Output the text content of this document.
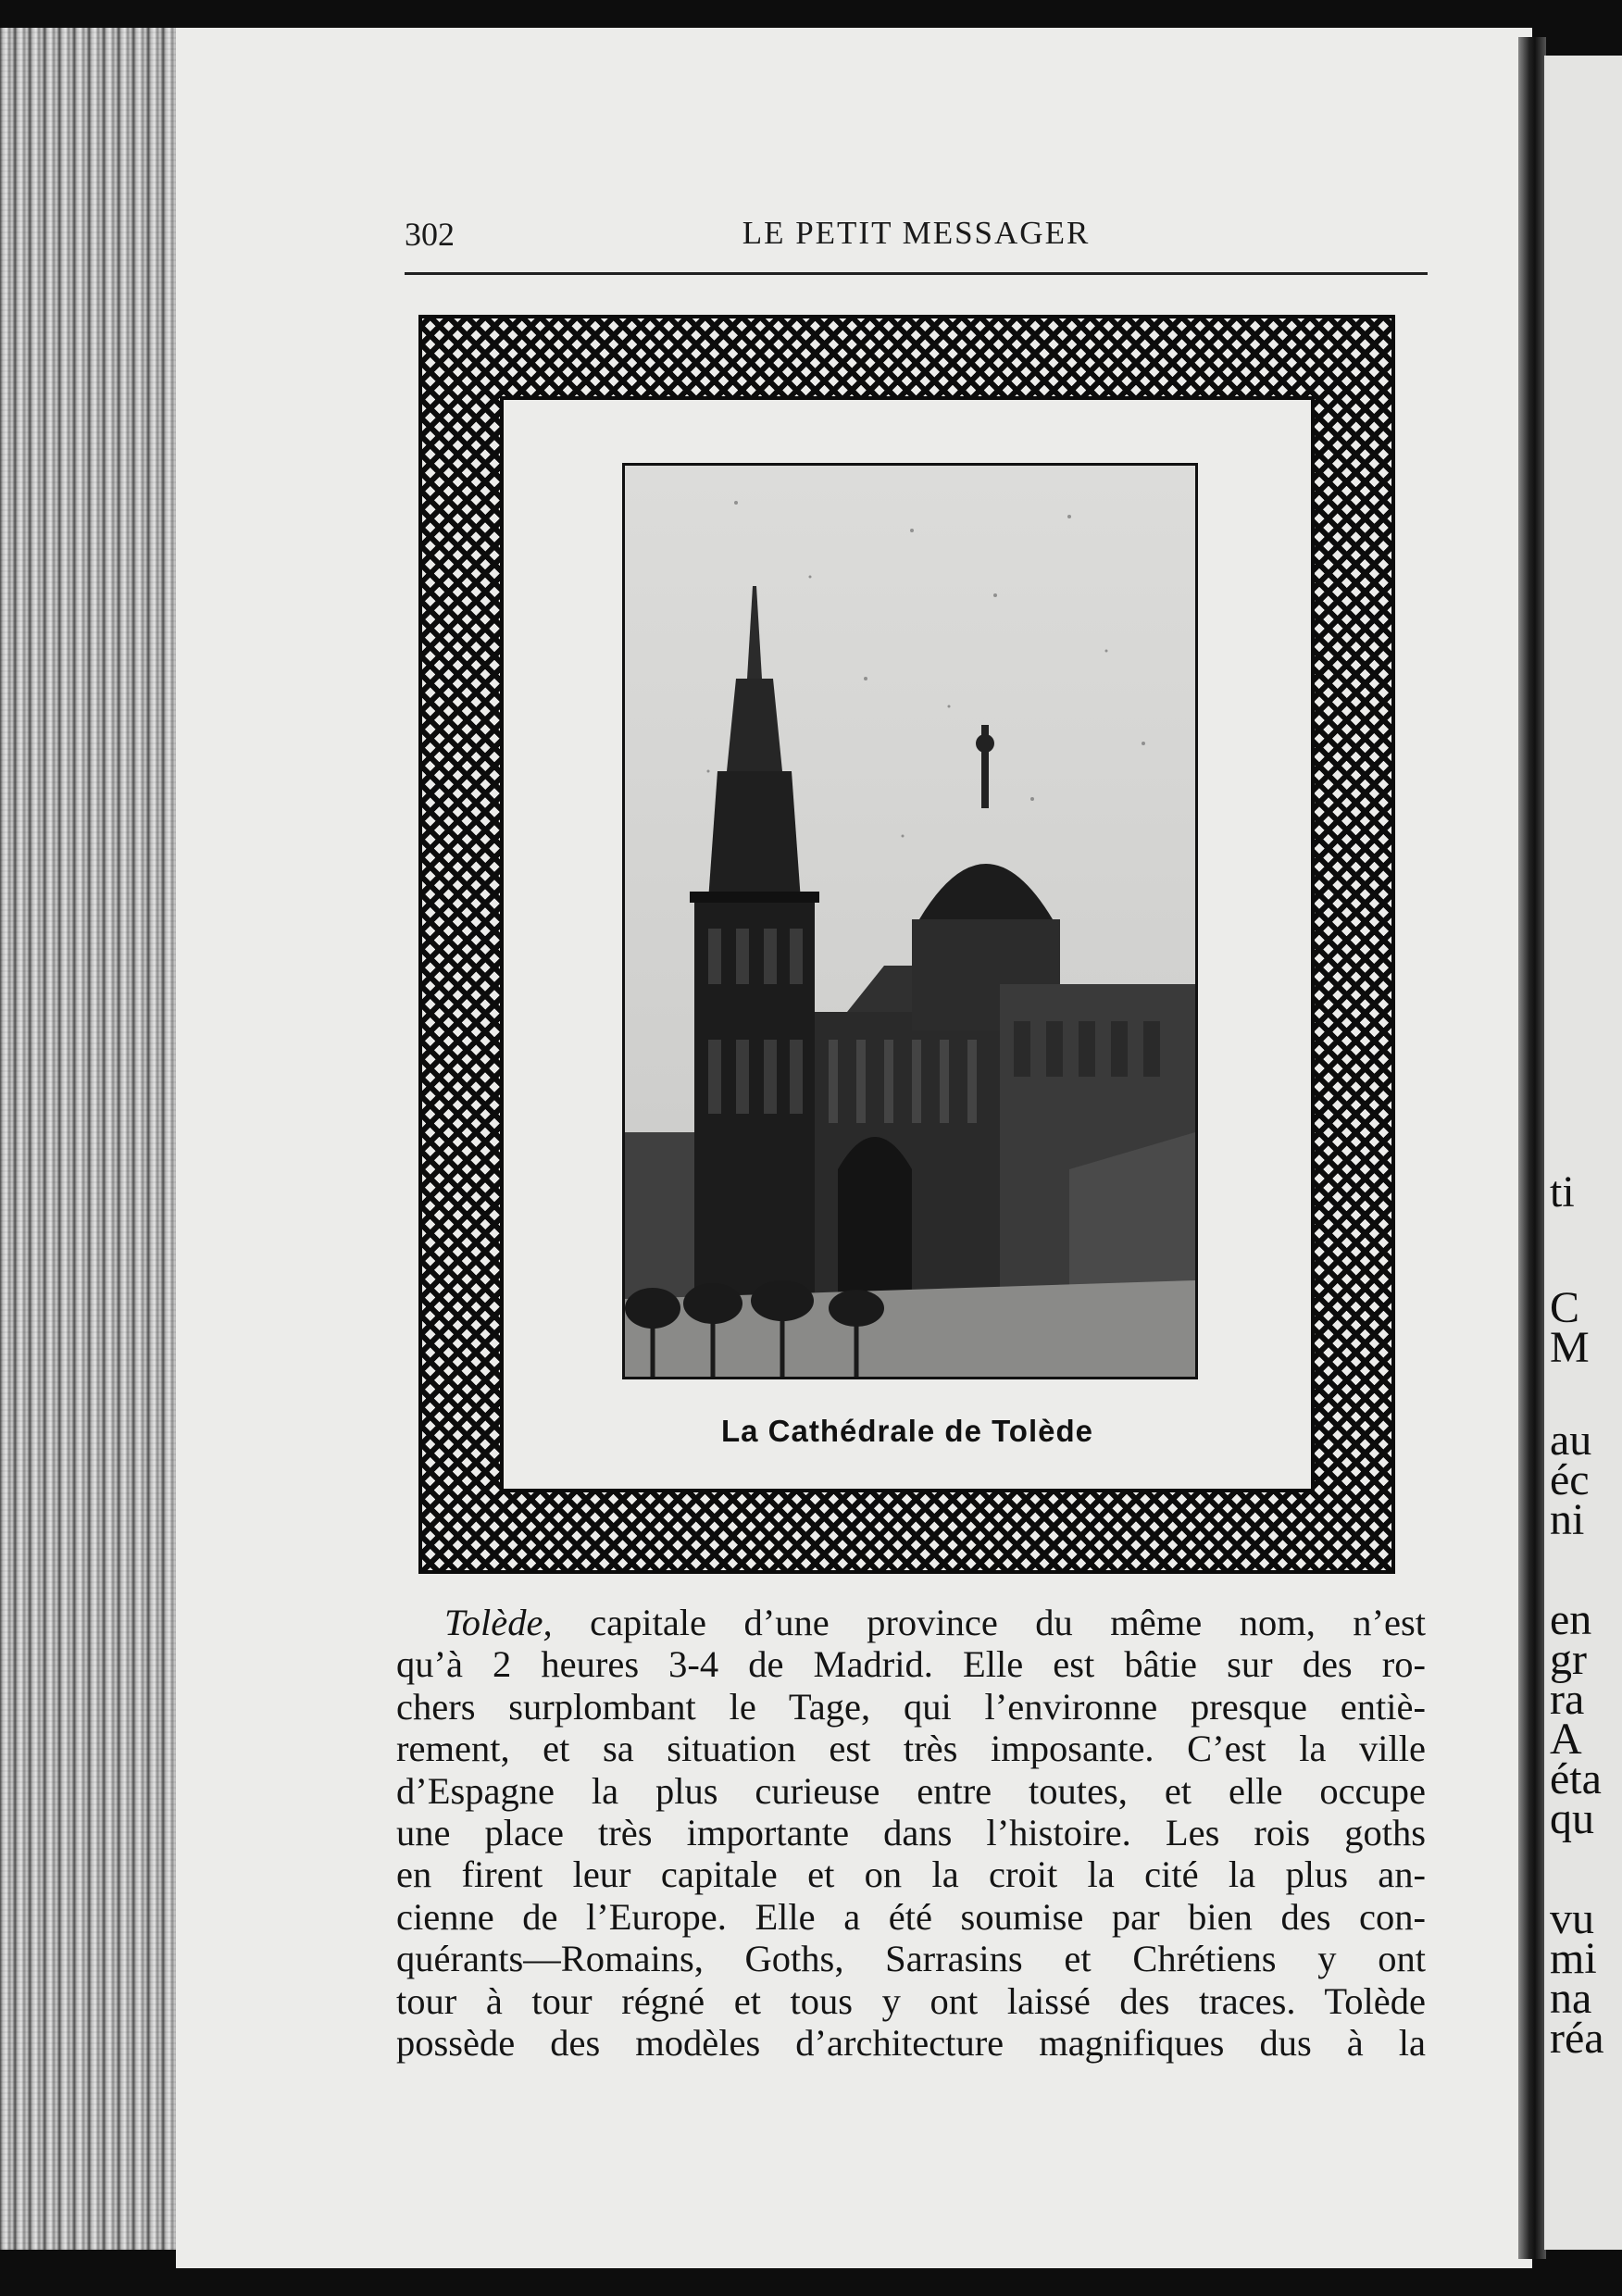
ti
C
M
au
éc
ni
en
gr
ra
A
éta
qu
vu
mi
na
réa
302	LE PETIT MESSAGER
La Cathédrale de Tolède
Tolède, capitale d’une province du même nom, n’est
qu’à 2 heures 3-4 de Madrid. Elle est bâtie sur des ro-
chers surplombant le Tage, qui l’environne presque entiè-
rement, et sa situation est très imposante. C’est la ville
d’Espagne la plus curieuse entre toutes, et elle occupe
une place très importante dans l’histoire. Les rois goths
en firent leur capitale et on la croit la cité la plus an-
cienne de l’Europe. Elle a été soumise par bien des con-
quérants—Romains, Goths, Sarrasins et Chrétiens y ont
tour à tour régné et tous y ont laissé des traces. Tolède
possède des modèles d’architecture magnifiques dus à la
